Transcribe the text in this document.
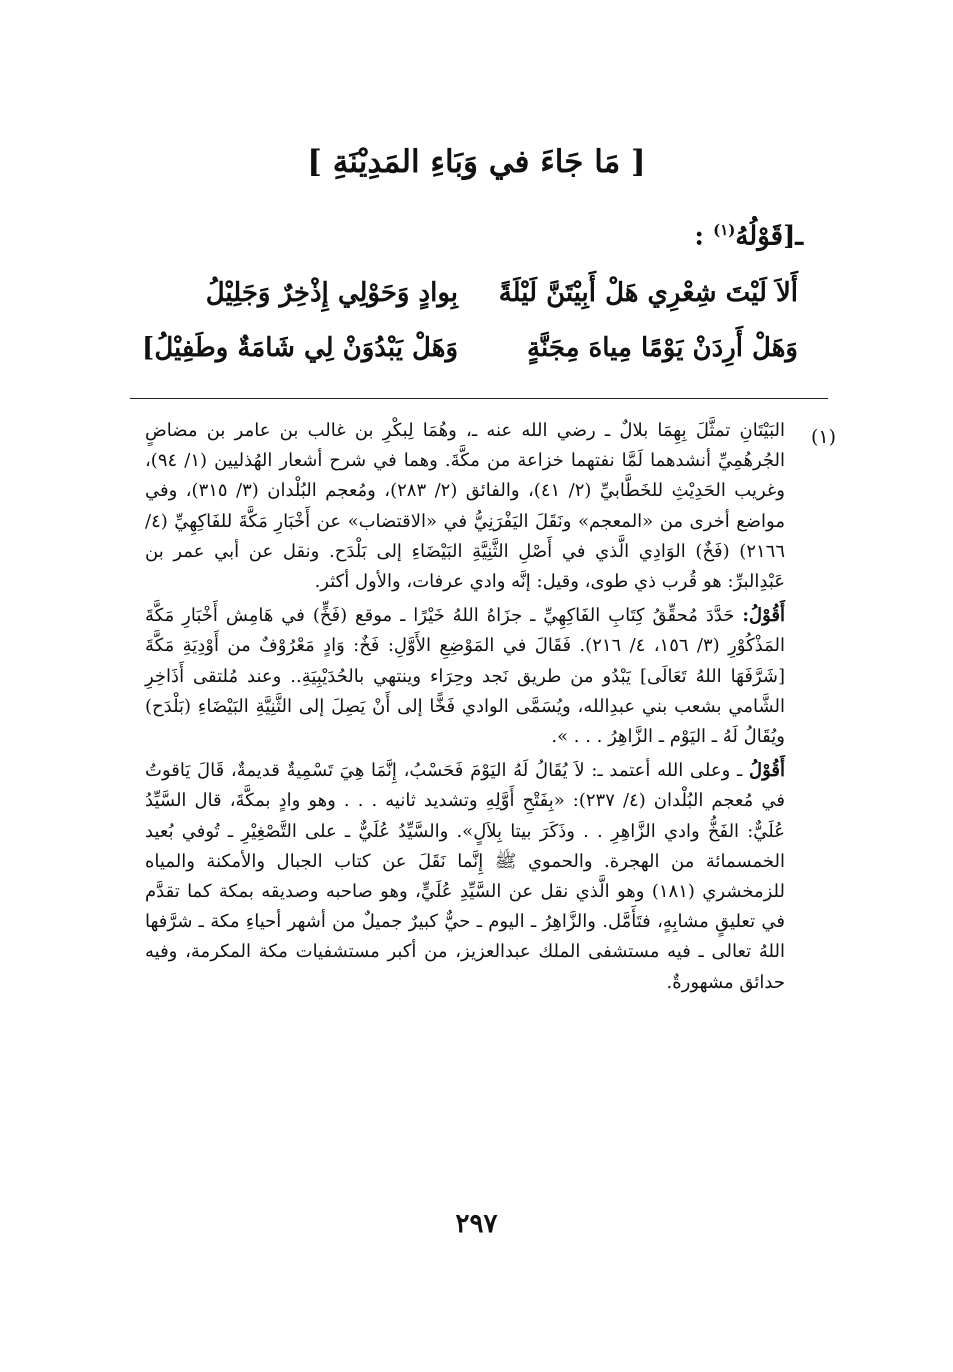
[ مَا جَاءَ في وَبَاءِ المَدِيْنَةِ ]
ـ[قَوْلُهُ$^{(١)}$ :
أَلاَ لَيْتَ شِعْرِي هَلْ أَبِيْتَنَّ لَيْلَةً
بِوادٍ وَحَوْلِي إِذْخِرٌ وَجَلِيْلُ
وَهَلْ أَرِدَنْ يَوْمًا مِياهَ مِجَنَّةٍ
وَهَلْ يَبْدُوَنْ لِي شَامَةٌ وطَفِيْلُ]
(١)

البَيْتَانِ تمثَّلَ بِهِمَا بلالٌ ـ رضي الله عنه ـ، وهُمَا لِبكْرِ بن غالب بن عامر بن مضاضٍ الجُرهُمِيِّ أنشدهما لَمَّا نفتهما خزاعة من مكَّةَ. وهما في شرح أشعار الهُذليين (١/ ٩٤)، وغريب الحَدِيْثِ للخَطَّابيِّ (٢/ ٤١)، والفائق (٢/ ٢٨٣)، ومُعجم البُلْدان (٣/ ٣١٥)، وفي مواضع أخرى من «المعجم» ونَقَلَ اليَفْرَنِيُّ في «الاقتضاب» عن أَخْبَارِ مَكَّةَ للفَاكِهِيِّ (٤/ ٢١٦٦) (فَخٌ) الوَادِي الَّذي في أَصْلِ الثَّنِيَّةِ البَيْضَاءِ إلى بَلْدَح. ونقل عن أبي عمر بن عَبْدِالبرِّ: هو قُرب ذي طوى، وقيل: إنَّه وادي عرفات، والأول أكثر.

أَقُوْلُ: حَدَّدَ مُحقِّقُ كِتَابِ الفَاكِهِيِّ ـ جزَاهُ اللهُ خَيْرًا ـ موقع (فَخٍّ) في هَامِش أَخْبَارِ مَكَّةَ المَذْكُوْرِ (٣/ ١٥٦، ٤/ ٢١٦). فَقَالَ في المَوْضِعِ الأَوَّلِ: فَخٌ: وَادٍ مَعْرُوْفٌ من أَوْدِيَةِ مَكَّةَ [شَرَّفَهَا اللهُ تَعَالَى] يَبْدُو من طريق نَجد وحِرَاء وينتهي بالحُدَيْبِيَةِ.. وعند مُلتقى أَذَاخِرِ الشَّامي بشعب بني عبدِالله، ويُسَمَّى الوادي فَخًّا إلى أَنْ يَصِلَ إلى الثَّنِيَّةِ البَيْضَاءِ (بَلْدَح) ويُقَالُ لَهُ ـ اليَوْم ـ الزَّاهِرُ . . . ».

أَقُوْلُ ـ وعلى الله أعتمد ـ: لاَ يُقَالُ لَهُ اليَوْمَ فَحَسْبُ، إِنَّمَا هِيَ تَسْمِيةٌ قديمةٌ، قَالَ يَاقوتُ في مُعجم البُلْدان (٤/ ٢٣٧): «بِفَتْحِ أَوَّلِهِ وتشديد ثانيه . . . وهو وادٍ بمكَّةَ، قال السَّيِّدُ عُلَيٌّ: الفَخُّ وادي الزَّاهِرِ . . وذَكَرَ بيتا بِلاَلٍ». والسَّيِّدُ عُلَيٌّ ـ على التَّصْغِيْرِ ـ تُوفي بُعيد الخمسمائة من الهجرة. والحموي ﷺ إِنَّما نَقَلَ عن كتاب الجبال والأمكنة والمياه للزمخشري (١٨١) وهو الَّذي نقل عن السَّيِّدِ عُلَيٍّ، وهو صاحبه وصديقه بمكة كما تقدَّم في تعليقٍ مشابِهٍ، فتَأَمَّل. والزَّاهِرُ ـ اليوم ـ حيٌّ كبيرٌ جميلٌ من أشهر أحياءِ مكة ـ شرَّفها اللهُ تعالى ـ فيه مستشفى الملك عبدالعزيز، من أكبر مستشفيات مكة المكرمة، وفيه حدائق مشهورةٌ.

٢٩٧
